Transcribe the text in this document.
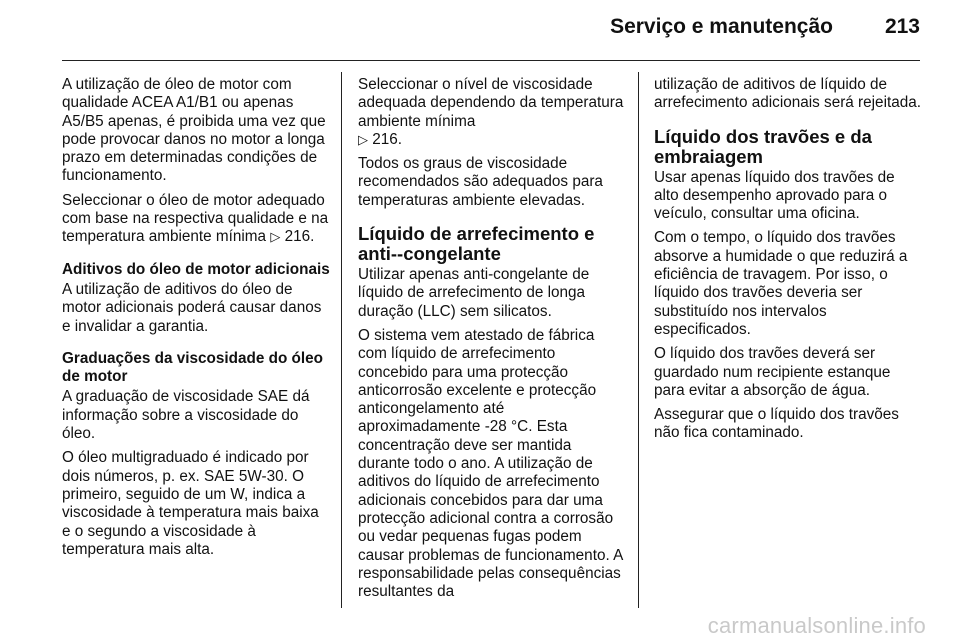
Serviço e manutenção 213

A utilização de óleo de motor com qualidade ACEA A1/B1 ou apenas A5/B5 apenas, é proibida uma vez que pode provocar danos no motor a longa prazo em determinadas condições de funcionamento.

Seleccionar o óleo de motor adequado com base na respectiva qualidade e na temperatura ambiente mínima ▷ 216.

Aditivos do óleo de motor adicionais

A utilização de aditivos do óleo de motor adicionais poderá causar danos e invalidar a garantia.

Graduações da viscosidade do óleo de motor

A graduação de viscosidade SAE dá informação sobre a viscosidade do óleo.

O óleo multigraduado é indicado por dois números, p. ex. SAE 5W-30. O primeiro, seguido de um W, indica a viscosidade à temperatura mais baixa e o segundo a viscosidade à temperatura mais alta.

Seleccionar o nível de viscosidade adequada dependendo da temperatura ambiente mínima
▷ 216.

Todos os graus de viscosidade recomendados são adequados para temperaturas ambiente elevadas.

Líquido de arrefecimento e anti--congelante

Utilizar apenas anti-congelante de líquido de arrefecimento de longa duração (LLC) sem silicatos.

O sistema vem atestado de fábrica com líquido de arrefecimento concebido para uma protecção anticorrosão excelente e protecção anticongelamento até aproximadamente -28 °C. Esta concentração deve ser mantida durante todo o ano. A utilização de aditivos do líquido de arrefecimento adicionais concebidos para dar uma protecção adicional contra a corrosão ou vedar pequenas fugas podem causar problemas de funcionamento. A responsabilidade pelas consequências resultantes da

utilização de aditivos de líquido de arrefecimento adicionais será rejeitada.

Líquido dos travões e da embraiagem

Usar apenas líquido dos travões de alto desempenho aprovado para o veículo, consultar uma oficina.

Com o tempo, o líquido dos travões absorve a humidade o que reduzirá a eficiência de travagem. Por isso, o líquido dos travões deveria ser substituído nos intervalos especificados.

O líquido dos travões deverá ser guardado num recipiente estanque para evitar a absorção de água.

Assegurar que o líquido dos travões não fica contaminado.

carmanualsonline.info
